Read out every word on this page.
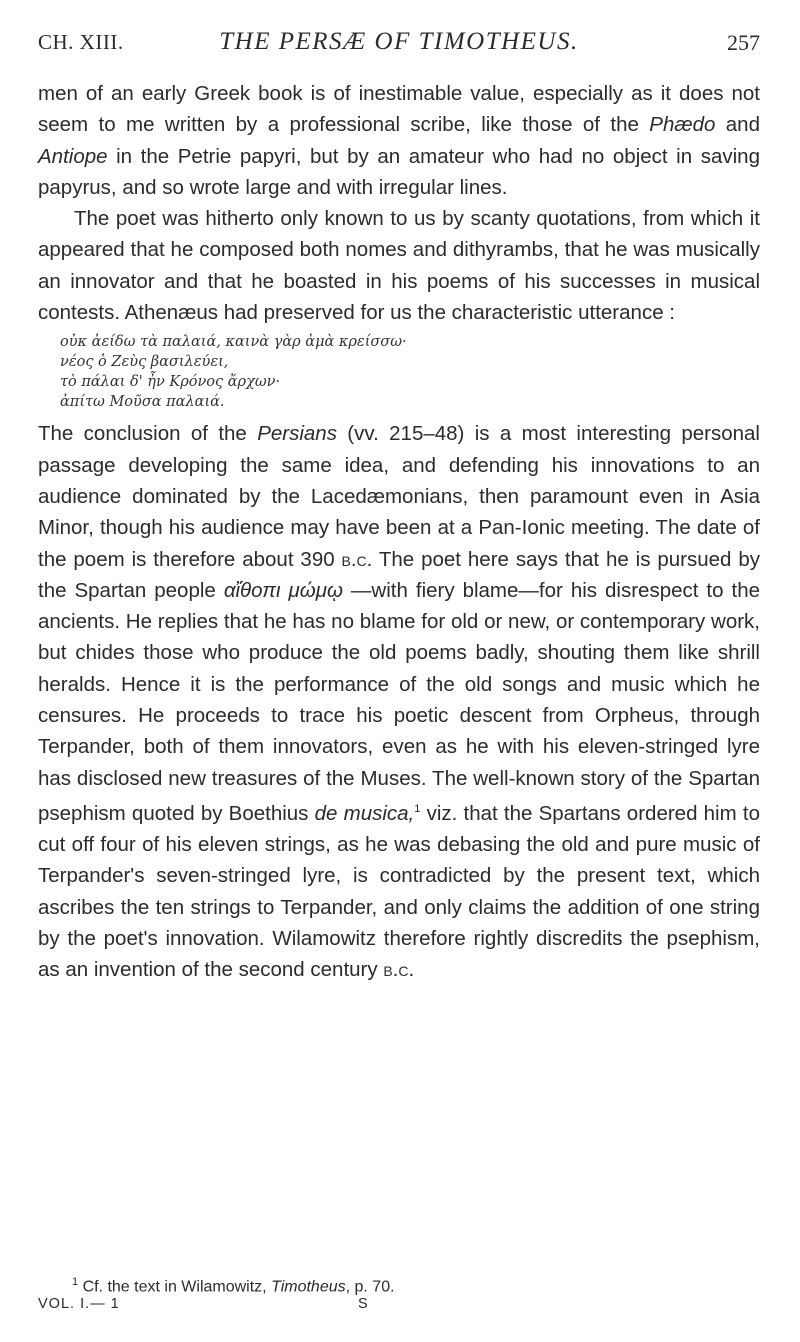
CH. XIII.	THE PERSÆ OF TIMOTHEUS.	257

men of an early Greek book is of inestimable value, especially as it does not seem to me written by a professional scribe, like those of the Phædo and Antiope in the Petrie papyri, but by an amateur who had no object in saving papyrus, and so wrote large and with irregular lines.

The poet was hitherto only known to us by scanty quotations, from which it appeared that he composed both nomes and dithyrambs, that he was musically an innovator and that he boasted in his poems of his successes in musical contests. Athenæus had preserved for us the characteristic utterance :

οὐκ ἀείδω τὰ παλαιά, καινὰ γὰρ ἀμὰ κρείσσω·
νέος ὁ Ζεὺς βασιλεύει,
τὸ πάλαι δ' ἦν Κρόνος ἄρχων·
ἀπίτω Μοῦσα παλαιά.

The conclusion of the Persians (vv. 215–48) is a most interesting personal passage developing the same idea, and defending his innovations to an audience dominated by the Lacedæmonians, then paramount even in Asia Minor, though his audience may have been at a Pan-Ionic meeting. The date of the poem is therefore about 390 b.c. The poet here says that he is pursued by the Spartan people αἴθοπι μώμῳ —with fiery blame—for his disrespect to the ancients. He replies that he has no blame for old or new, or contemporary work, but chides those who produce the old poems badly, shouting them like shrill heralds. Hence it is the performance of the old songs and music which he censures. He proceeds to trace his poetic descent from Orpheus, through Terpander, both of them innovators, even as he with his eleven-stringed lyre has disclosed new treasures of the Muses. The well-known story of the Spartan psephism quoted by Boethius de musica,$^1$ viz. that the Spartans ordered him to cut off four of his eleven strings, as he was debasing the old and pure music of Terpander's seven-stringed lyre, is contradicted by the present text, which ascribes the ten strings to Terpander, and only claims the addition of one string by the poet's innovation. Wilamowitz therefore rightly discredits the psephism, as an invention of the second century b.c.

$^1$ Cf. the text in Wilamowitz, Timotheus, p. 70.
VOL. I.— 1	S
